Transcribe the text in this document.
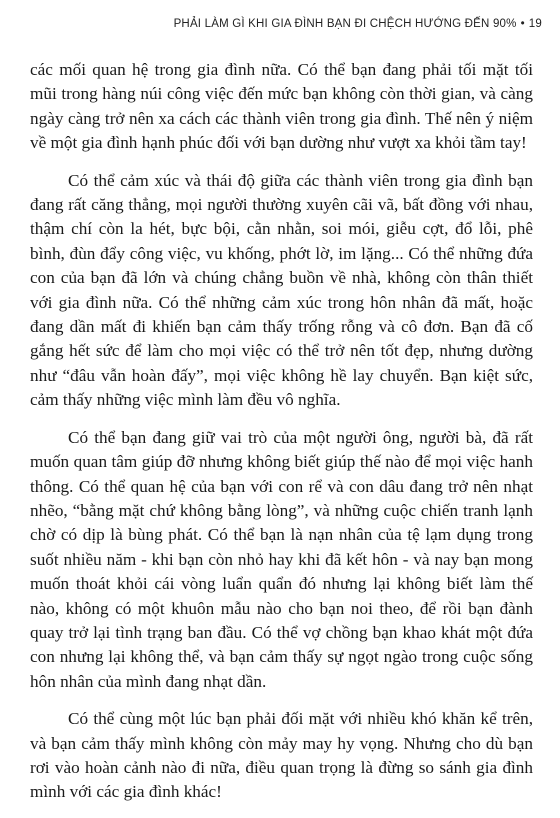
PHẢI LÀM GÌ KHI GIA ĐÌNH BẠN ĐI CHỆCH HƯỚNG ĐẾN 90% • 19

các mối quan hệ trong gia đình nữa. Có thể bạn đang phải tối mặt tối mũi trong hàng núi công việc đến mức bạn không còn thời gian, và càng ngày càng trở nên xa cách các thành viên trong gia đình. Thế nên ý niệm về một gia đình hạnh phúc đối với bạn dường như vượt xa khỏi tầm tay!

Có thể cảm xúc và thái độ giữa các thành viên trong gia đình bạn đang rất căng thẳng, mọi người thường xuyên cãi vã, bất đồng với nhau, thậm chí còn la hét, bực bội, cằn nhằn, soi mói, giễu cợt, đổ lỗi, phê bình, đùn đẩy công việc, vu khống, phớt lờ, im lặng... Có thể những đứa con của bạn đã lớn và chúng chẳng buồn về nhà, không còn thân thiết với gia đình nữa. Có thể những cảm xúc trong hôn nhân đã mất, hoặc đang dần mất đi khiến bạn cảm thấy trống rỗng và cô đơn. Bạn đã cố gắng hết sức để làm cho mọi việc có thể trở nên tốt đẹp, nhưng dường như “đâu vẫn hoàn đấy”, mọi việc không hề lay chuyển. Bạn kiệt sức, cảm thấy những việc mình làm đều vô nghĩa.

Có thể bạn đang giữ vai trò của một người ông, người bà, đã rất muốn quan tâm giúp đỡ nhưng không biết giúp thế nào để mọi việc hanh thông. Có thể quan hệ của bạn với con rể và con dâu đang trở nên nhạt nhẽo, “bằng mặt chứ không bằng lòng”, và những cuộc chiến tranh lạnh chờ có dịp là bùng phát. Có thể bạn là nạn nhân của tệ lạm dụng trong suốt nhiều năm - khi bạn còn nhỏ hay khi đã kết hôn - và nay bạn mong muốn thoát khỏi cái vòng luẩn quẩn đó nhưng lại không biết làm thế nào, không có một khuôn mẫu nào cho bạn noi theo, để rồi bạn đành quay trở lại tình trạng ban đầu. Có thể vợ chồng bạn khao khát một đứa con nhưng lại không thể, và bạn cảm thấy sự ngọt ngào trong cuộc sống hôn nhân của mình đang nhạt dần.

Có thể cùng một lúc bạn phải đối mặt với nhiều khó khăn kể trên, và bạn cảm thấy mình không còn mảy may hy vọng. Nhưng cho dù bạn rơi vào hoàn cảnh nào đi nữa, điều quan trọng là đừng so sánh gia đình mình với các gia đình khác!
